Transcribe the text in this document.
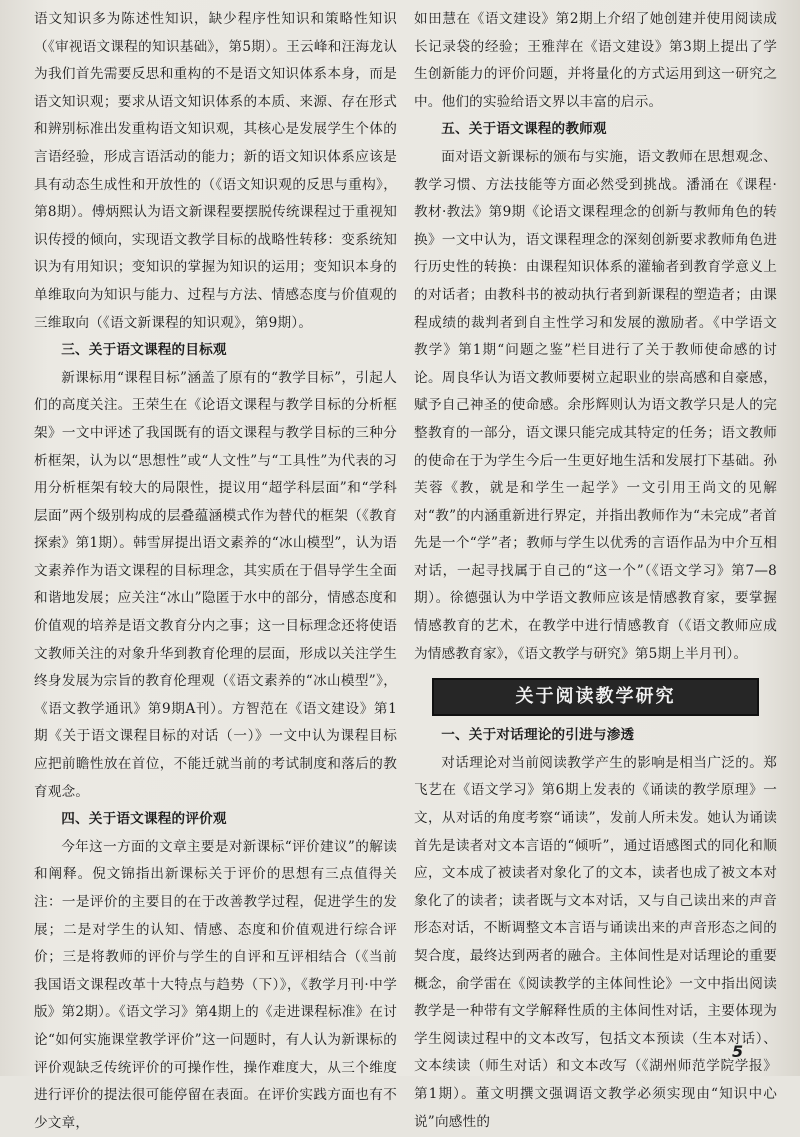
语文知识多为陈述性知识，缺少程序性知识和策略性知识（《审视语文课程的知识基础》，第5期）。王云峰和汪海龙认为我们首先需要反思和重构的不是语文知识体系本身，而是语文知识观；要求从语文知识体系的本质、来源、存在形式和辨别标准出发重构语文知识观，其核心是发展学生个体的言语经验，形成言语活动的能力；新的语文知识体系应该是具有动态生成性和开放性的（《语文知识观的反思与重构》，第8期）。傅炳熙认为语文新课程要摆脱传统课程过于重视知识传授的倾向，实现语文教学目标的战略性转移：变系统知识为有用知识；变知识的掌握为知识的运用；变知识本身的单维取向为知识与能力、过程与方法、情感态度与价值观的三维取向（《语文新课程的知识观》，第9期）。

三、关于语文课程的目标观

新课标用“课程目标”涵盖了原有的“教学目标”，引起人们的高度关注。王荣生在《论语文课程与教学目标的分析框架》一文中评述了我国既有的语文课程与教学目标的三种分析框架，认为以“思想性”或“人文性”与“工具性”为代表的习用分析框架有较大的局限性，提议用“超学科层面”和“学科层面”两个级别构成的层叠蕴涵模式作为替代的框架（《教育探索》第1期）。韩雪屏提出语文素养的“冰山模型”，认为语文素养作为语文课程的目标理念，其实质在于倡导学生全面和谐地发展；应关注“冰山”隐匿于水中的部分，情感态度和价值观的培养是语文教育分内之事；这一目标理念还将使语文教师关注的对象升华到教育伦理的层面，形成以关注学生终身发展为宗旨的教育伦理观（《语文素养的“冰山模型”》，《语文教学通讯》第9期A刊）。方智范在《语文建设》第1期《关于语文课程目标的对话（一）》一文中认为课程目标应把前瞻性放在首位，不能迁就当前的考试制度和落后的教育观念。

四、关于语文课程的评价观

今年这一方面的文章主要是对新课标“评价建议”的解读和阐释。倪文锦指出新课标关于评价的思想有三点值得关注：一是评价的主要目的在于改善教学过程，促进学生的发展；二是对学生的认知、情感、态度和价值观进行综合评价；三是将教师的评价与学生的自评和互评相结合（《当前我国语文课程改革十大特点与趋势（下）》，《教学月刊·中学版》第2期）。《语文学习》第4期上的《走进课程标准》在讨论“如何实施课堂教学评价”这一问题时，有人认为新课标的评价观缺乏传统评价的可操作性，操作难度大，从三个维度进行评价的提法很可能停留在表面。在评价实践方面也有不少文章，

如田慧在《语文建设》第2期上介绍了她创建并使用阅读成长记录袋的经验；王雅萍在《语文建设》第3期上提出了学生创新能力的评价问题，并将量化的方式运用到这一研究之中。他们的实验给语文界以丰富的启示。

五、关于语文课程的教师观

面对语文新课标的颁布与实施，语文教师在思想观念、教学习惯、方法技能等方面必然受到挑战。潘涌在《课程·教材·教法》第9期《论语文课程理念的创新与教师角色的转换》一文中认为，语文课程理念的深刻创新要求教师角色进行历史性的转换：由课程知识体系的灌输者到教育学意义上的对话者；由教科书的被动执行者到新课程的塑造者；由课程成绩的裁判者到自主性学习和发展的激励者。《中学语文教学》第1期“问题之鉴”栏目进行了关于教师使命感的讨论。周良华认为语文教师要树立起职业的崇高感和自豪感，赋予自己神圣的使命感。余彤辉则认为语文教学只是人的完整教育的一部分，语文课只能完成其特定的任务；语文教师的使命在于为学生今后一生更好地生活和发展打下基础。孙芙蓉《教，就是和学生一起学》一文引用王尚文的见解对“教”的内涵重新进行界定，并指出教师作为“未完成”者首先是一个“学”者；教师与学生以优秀的言语作品为中介互相对话，一起寻找属于自己的“这一个”（《语文学习》第7—8期）。徐德强认为中学语文教师应该是情感教育家，要掌握情感教育的艺术，在教学中进行情感教育（《语文教师应成为情感教育家》，《语文教学与研究》第5期上半月刊）。

关于阅读教学研究
一、关于对话理论的引进与渗透

对话理论对当前阅读教学产生的影响是相当广泛的。郑飞艺在《语文学习》第6期上发表的《诵读的教学原理》一文，从对话的角度考察“诵读”，发前人所未发。她认为诵读首先是读者对文本言语的“倾听”，通过语感图式的同化和顺应，文本成了被读者对象化了的文本，读者也成了被文本对象化了的读者；读者既与文本对话，又与自己读出来的声音形态对话，不断调整文本言语与诵读出来的声音形态之间的契合度，最终达到两者的融合。主体间性是对话理论的重要概念，俞学雷在《阅读教学的主体间性论》一文中指出阅读教学是一种带有文学解释性质的主体间性对话，主要体现为学生阅读过程中的文本改写，包括文本预读（生本对话）、文本续读（师生对话）和文本改写（《湖州师范学院学报》第1期）。董文明撰文强调语文教学必须实现由“知识中心说”向感性的

5
